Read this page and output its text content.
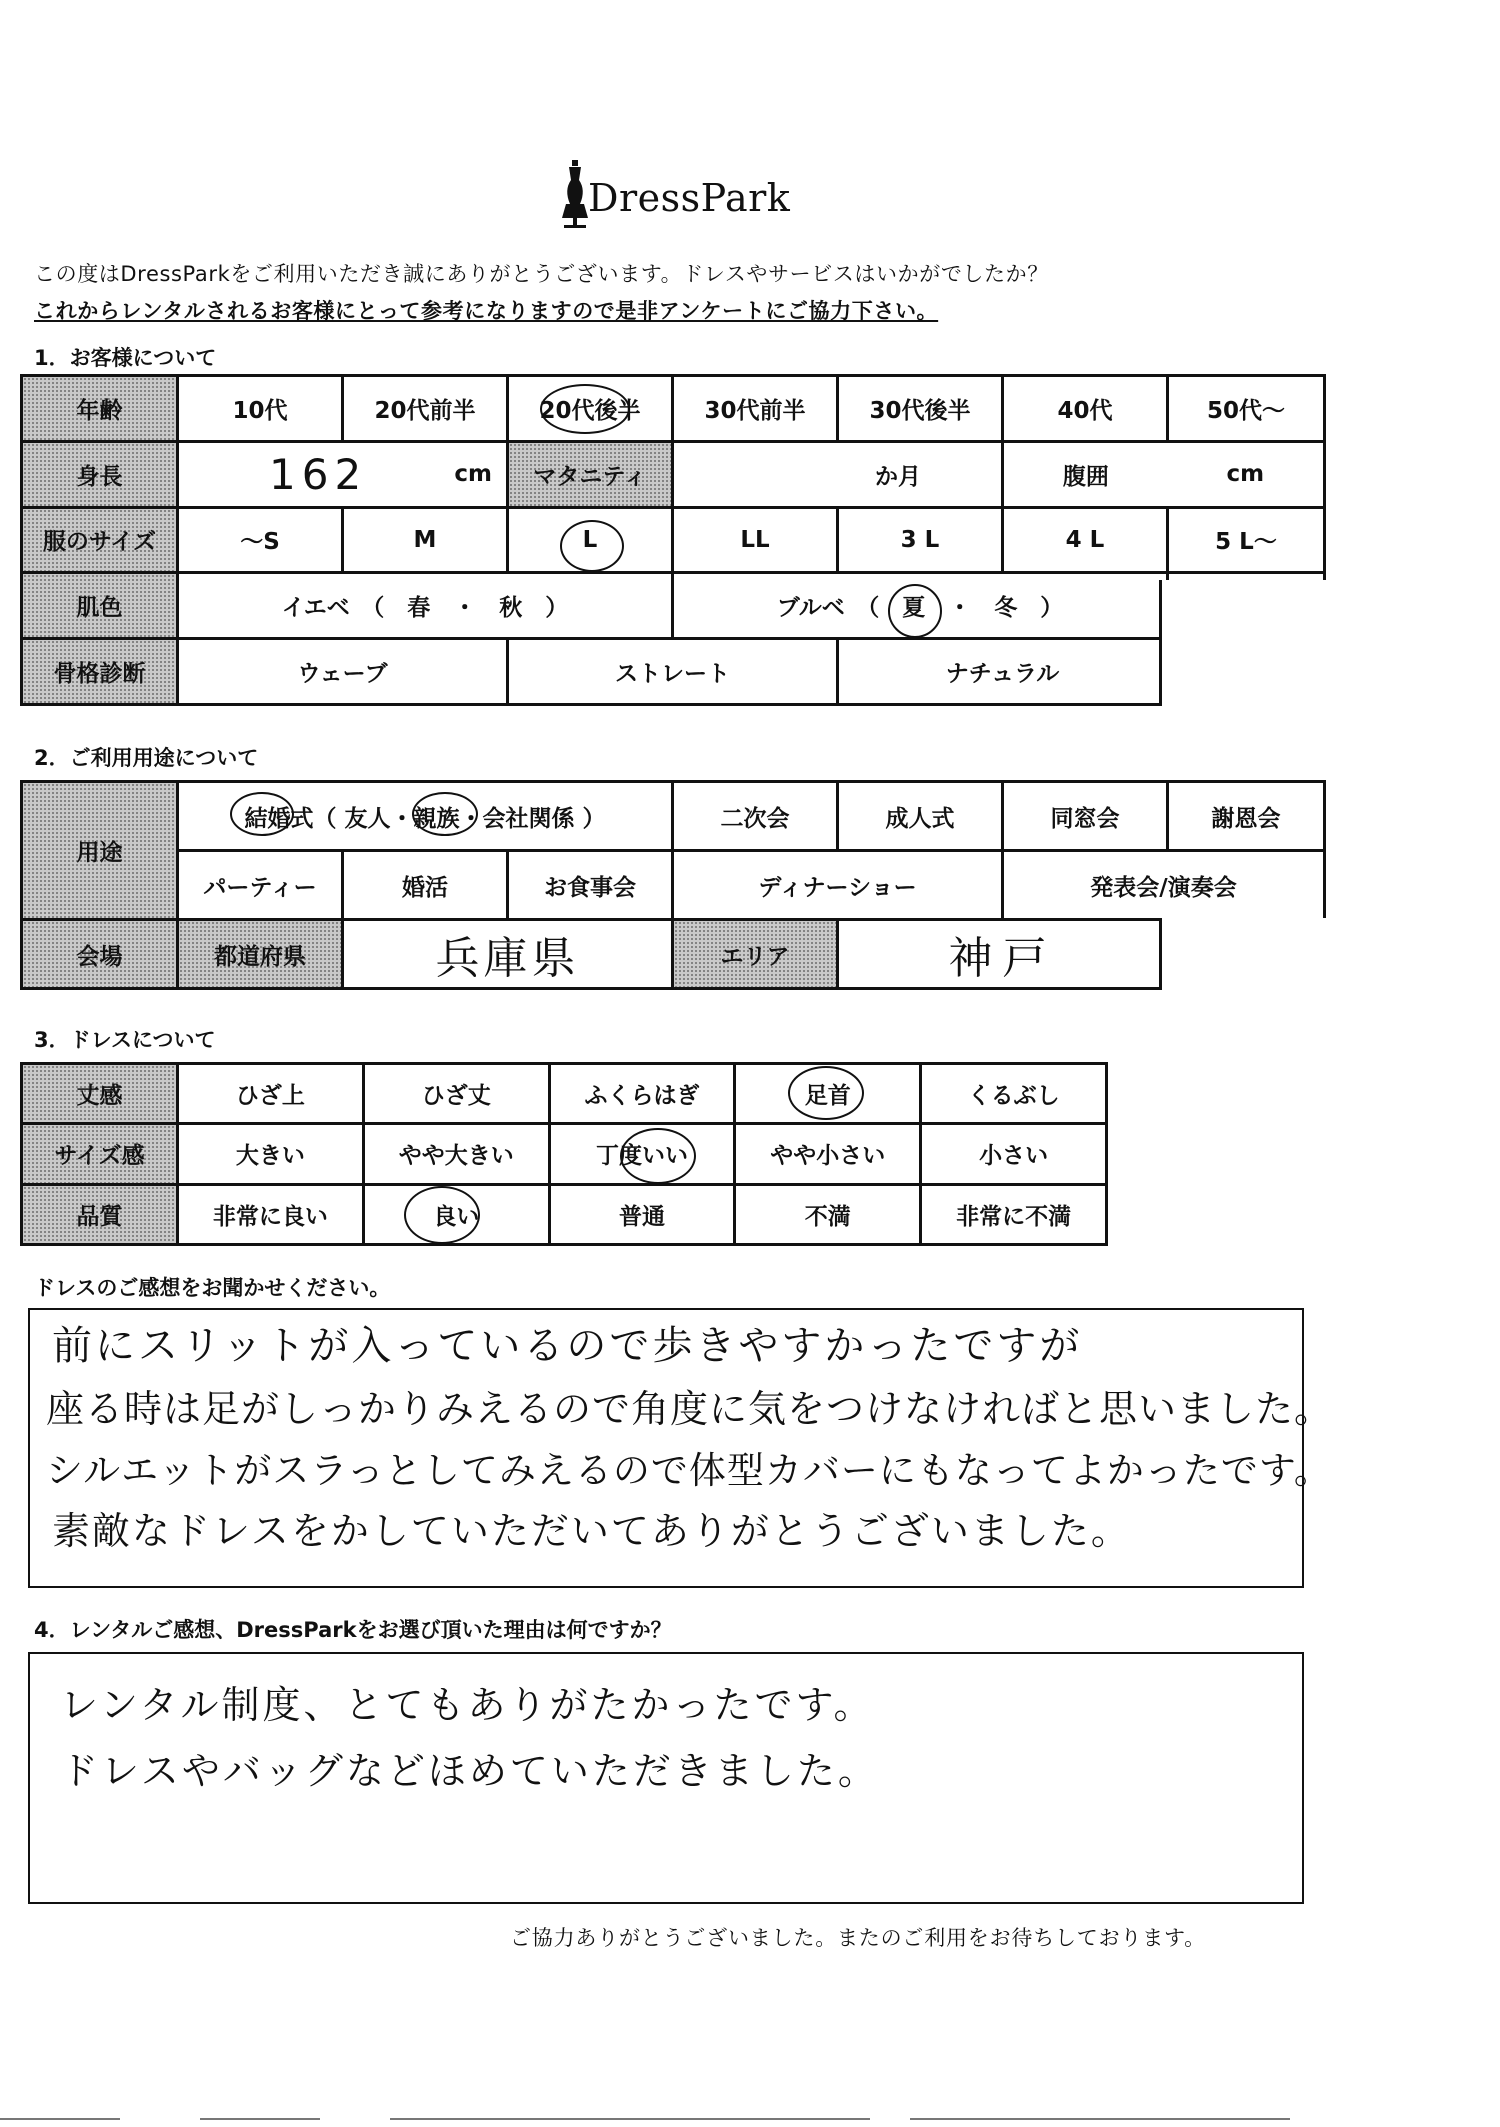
DressPark
この度はDressParkをご利用いただき誠にありがとうございます。ドレスやサービスはいかがでしたか？
これからレンタルされるお客様にとって参考になりますので是非アンケートにご協力下さい。
1．お客様について
年齢	10代	20代前半	20代後半	30代前半	30代後半	40代	50代～
身長	162	cm	マタニティ	か月	腹囲	cm
服のサイズ	～S	M	L	LL	3 L	4 L	5 L～
肌色	イエベ　（　春　・　秋　）	ブルベ　（　夏　・　冬　）
骨格診断	ウェーブ	ストレート	ナチュラル
2．ご利用用途について
用途
結婚式（ 友人・親族・会社関係 ）	二次会	成人式	同窓会	謝恩会
パーティー	婚活	お食事会	ディナーショー	発表会/演奏会
会場	都道府県	兵庫県	エリア	神戸
3．ドレスについて
丈感	ひざ上	ひざ丈	ふくらはぎ	足首	くるぶし
サイズ感	大きい	やや大きい	丁度いい	やや小さい	小さい
品質	非常に良い	良い	普通	不満	非常に不満
ドレスのご感想をお聞かせください。
前にスリットが入っているので歩きやすかったですが
座る時は足がしっかりみえるので角度に気をつけなければと思いました。
シルエットがスラっとしてみえるので体型カバーにもなってよかったです。
素敵なドレスをかしていただいてありがとうございました。
4．レンタルご感想、DressParkをお選び頂いた理由は何ですか？
レンタル制度、とてもありがたかったです。
ドレスやバッグなどほめていただきました。
ご協力ありがとうございました。またのご利用をお待ちしております。
